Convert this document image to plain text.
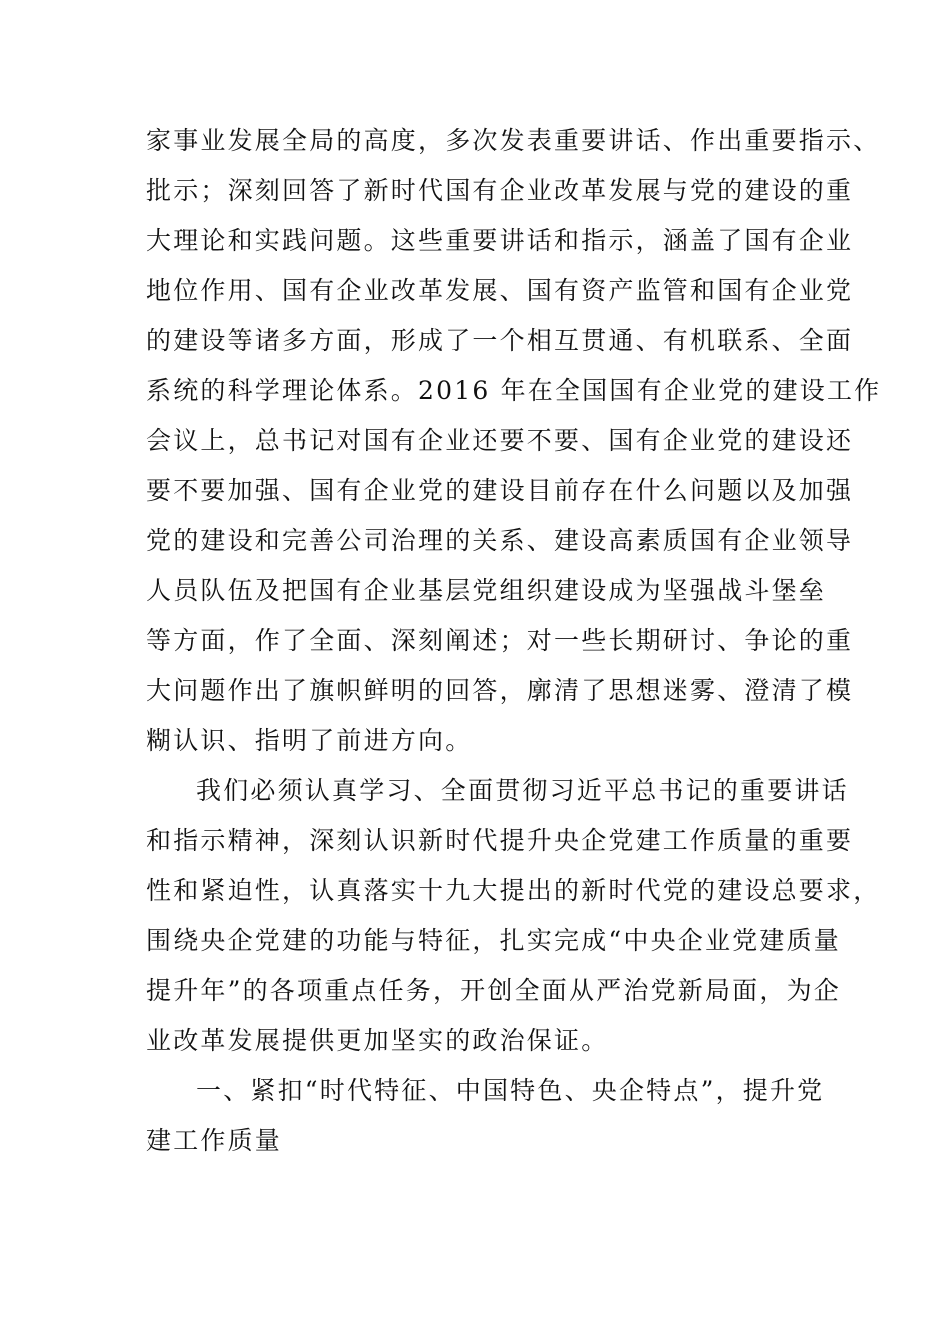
家事业发展全局的高度，多次发表重要讲话、作出重要指示、
批示；深刻回答了新时代国有企业改革发展与党的建设的重
大理论和实践问题。这些重要讲话和指示，涵盖了国有企业
地位作用、国有企业改革发展、国有资产监管和国有企业党
的建设等诸多方面，形成了一个相互贯通、有机联系、全面
系统的科学理论体系。2016 年在全国国有企业党的建设工作
会议上，总书记对国有企业还要不要、国有企业党的建设还
要不要加强、国有企业党的建设目前存在什么问题以及加强
党的建设和完善公司治理的关系、建设高素质国有企业领导
人员队伍及把国有企业基层党组织建设成为坚强战斗堡垒
等方面，作了全面、深刻阐述；对一些长期研讨、争论的重
大问题作出了旗帜鲜明的回答，廓清了思想迷雾、澄清了模
糊认识、指明了前进方向。
我们必须认真学习、全面贯彻习近平总书记的重要讲话
和指示精神，深刻认识新时代提升央企党建工作质量的重要
性和紧迫性，认真落实十九大提出的新时代党的建设总要求，
围绕央企党建的功能与特征，扎实完成“中央企业党建质量
提升年”的各项重点任务，开创全面从严治党新局面，为企
业改革发展提供更加坚实的政治保证。
一、紧扣“时代特征、中国特色、央企特点”，提升党
建工作质量
